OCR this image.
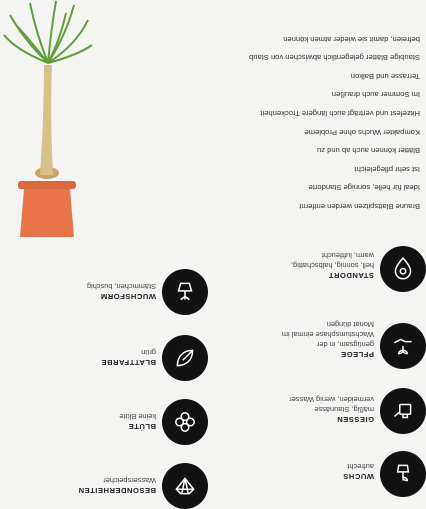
Braune Blattspitzen werden entfernt
Ideal für helle, sonnige Standorte
Ist sehr pflegeleicht
Blätter können auch ab und zu
Kompakter Wuchs ohne Probleme
Hitzefest und verträgt auch längere Trockenheit
Im Sommer auch draußen
Terrasse und Balkon
Staubige Blätter gelegentlich abwischen von Staub
befreien, damit sie wieder atmen können
STANDORT
hell, sonnig, halbschattig, warm, luftfeucht
PFLEGE
genügsam, in der Wachstumsphase einmal im Monat düngen
GIESSEN
mäßig, Staunässe vermeiden, wenig Wasser
WUCHS
aufrecht
WUCHSFORM
Stämmchen, buschig
BLATTFARBE
grün
BLÜTE
keine Blüte
BESONDERHEITEN
Wasserspeicher
